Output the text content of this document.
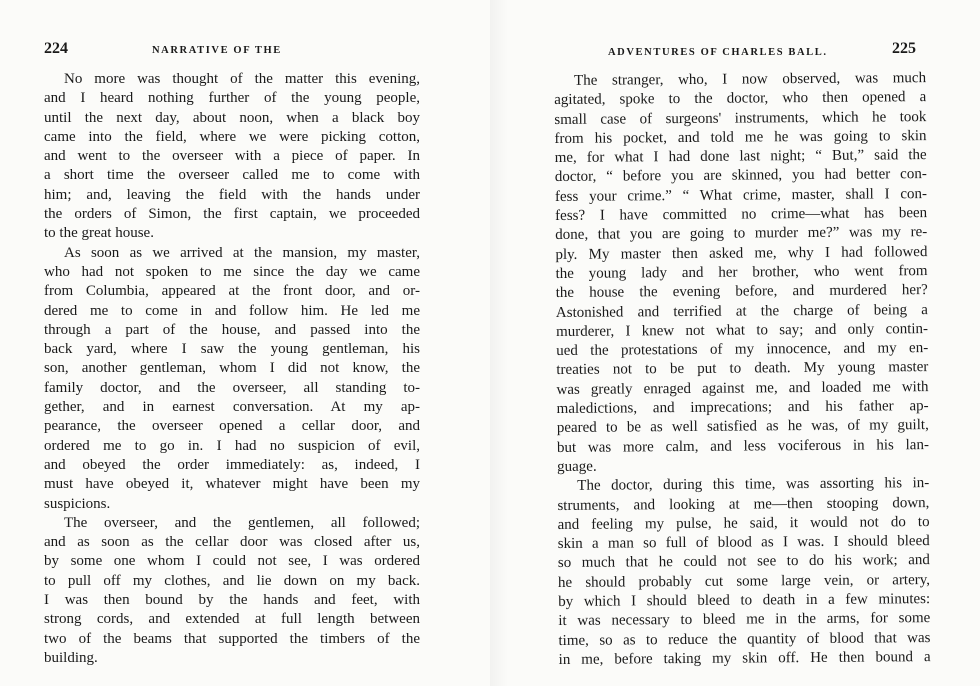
224	NARRATIVE OF THE
No more was thought of the matter this evening,
and I heard nothing further of the young people,
until the next day, about noon, when a black boy
came into the field, where we were picking cotton,
and went to the overseer with a piece of paper. In
a short time the overseer called me to come with
him; and, leaving the field with the hands under
the orders of Simon, the first captain, we proceeded
to the great house.
As soon as we arrived at the mansion, my master,
who had not spoken to me since the day we came
from Columbia, appeared at the front door, and or-
dered me to come in and follow him. He led me
through a part of the house, and passed into the
back yard, where I saw the young gentleman, his
son, another gentleman, whom I did not know, the
family doctor, and the overseer, all standing to-
gether, and in earnest conversation. At my ap-
pearance, the overseer opened a cellar door, and
ordered me to go in. I had no suspicion of evil,
and obeyed the order immediately: as, indeed, I
must have obeyed it, whatever might have been my
suspicions.
The overseer, and the gentlemen, all followed;
and as soon as the cellar door was closed after us,
by some one whom I could not see, I was ordered
to pull off my clothes, and lie down on my back.
I was then bound by the hands and feet, with
strong cords, and extended at full length between
two of the beams that supported the timbers of the
building.
ADVENTURES OF CHARLES BALL.	225
The stranger, who, I now observed, was much
agitated, spoke to the doctor, who then opened a
small case of surgeons' instruments, which he took
from his pocket, and told me he was going to skin
me, for what I had done last night; “ But,” said the
doctor, “ before you are skinned, you had better con-
fess your crime.” “ What crime, master, shall I con-
fess? I have committed no crime—what has been
done, that you are going to murder me?” was my re-
ply. My master then asked me, why I had followed
the young lady and her brother, who went from
the house the evening before, and murdered her?
Astonished and terrified at the charge of being a
murderer, I knew not what to say; and only contin-
ued the protestations of my innocence, and my en-
treaties not to be put to death. My young master
was greatly enraged against me, and loaded me with
maledictions, and imprecations; and his father ap-
peared to be as well satisfied as he was, of my guilt,
but was more calm, and less vociferous in his lan-
guage.
The doctor, during this time, was assorting his in-
struments, and looking at me—then stooping down,
and feeling my pulse, he said, it would not do to
skin a man so full of blood as I was. I should bleed
so much that he could not see to do his work; and
he should probably cut some large vein, or artery,
by which I should bleed to death in a few minutes:
it was necessary to bleed me in the arms, for some
time, so as to reduce the quantity of blood that was
in me, before taking my skin off. He then bound a
